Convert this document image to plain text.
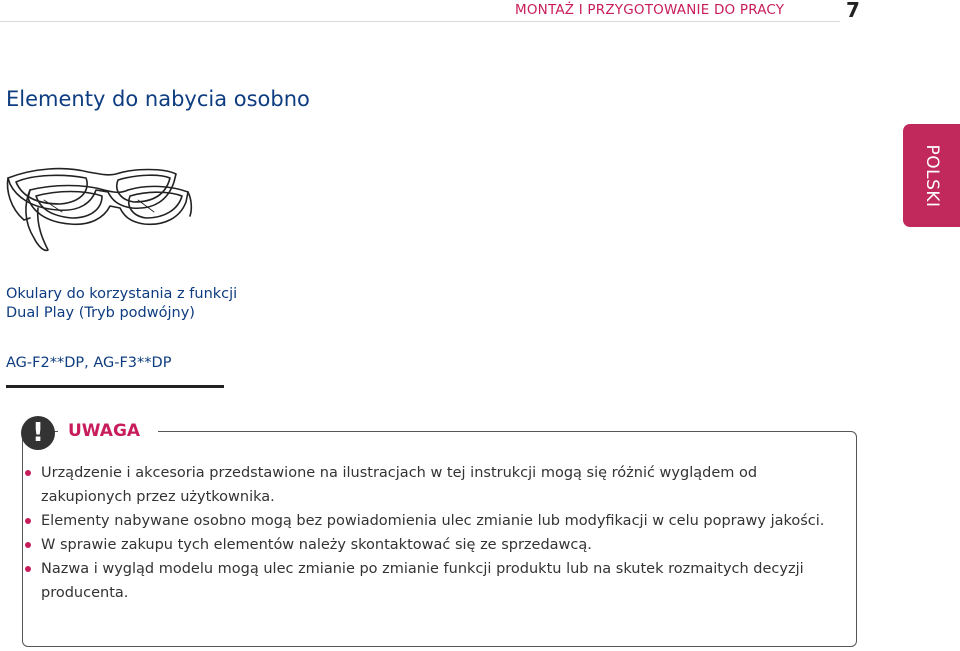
MONTAŻ I PRZYGOTOWANIE DO PRACY	7
POLSKI
Elementy do nabycia osobno
Okulary do korzystania z funkcji
Dual Play (Tryb podwójny)
AG-F2**DP, AG-F3**DP
!	UWAGA
Urządzenie i akcesoria przedstawione na ilustracjach w tej instrukcji mogą się różnić wyglądem od zakupionych przez użytkownika.
Elementy nabywane osobno mogą bez powiadomienia ulec zmianie lub modyfikacji w celu poprawy jakości.
W sprawie zakupu tych elementów należy skontaktować się ze sprzedawcą.
Nazwa i wygląd modelu mogą ulec zmianie po zmianie funkcji produktu lub na skutek rozmaitych decyzji producenta.
